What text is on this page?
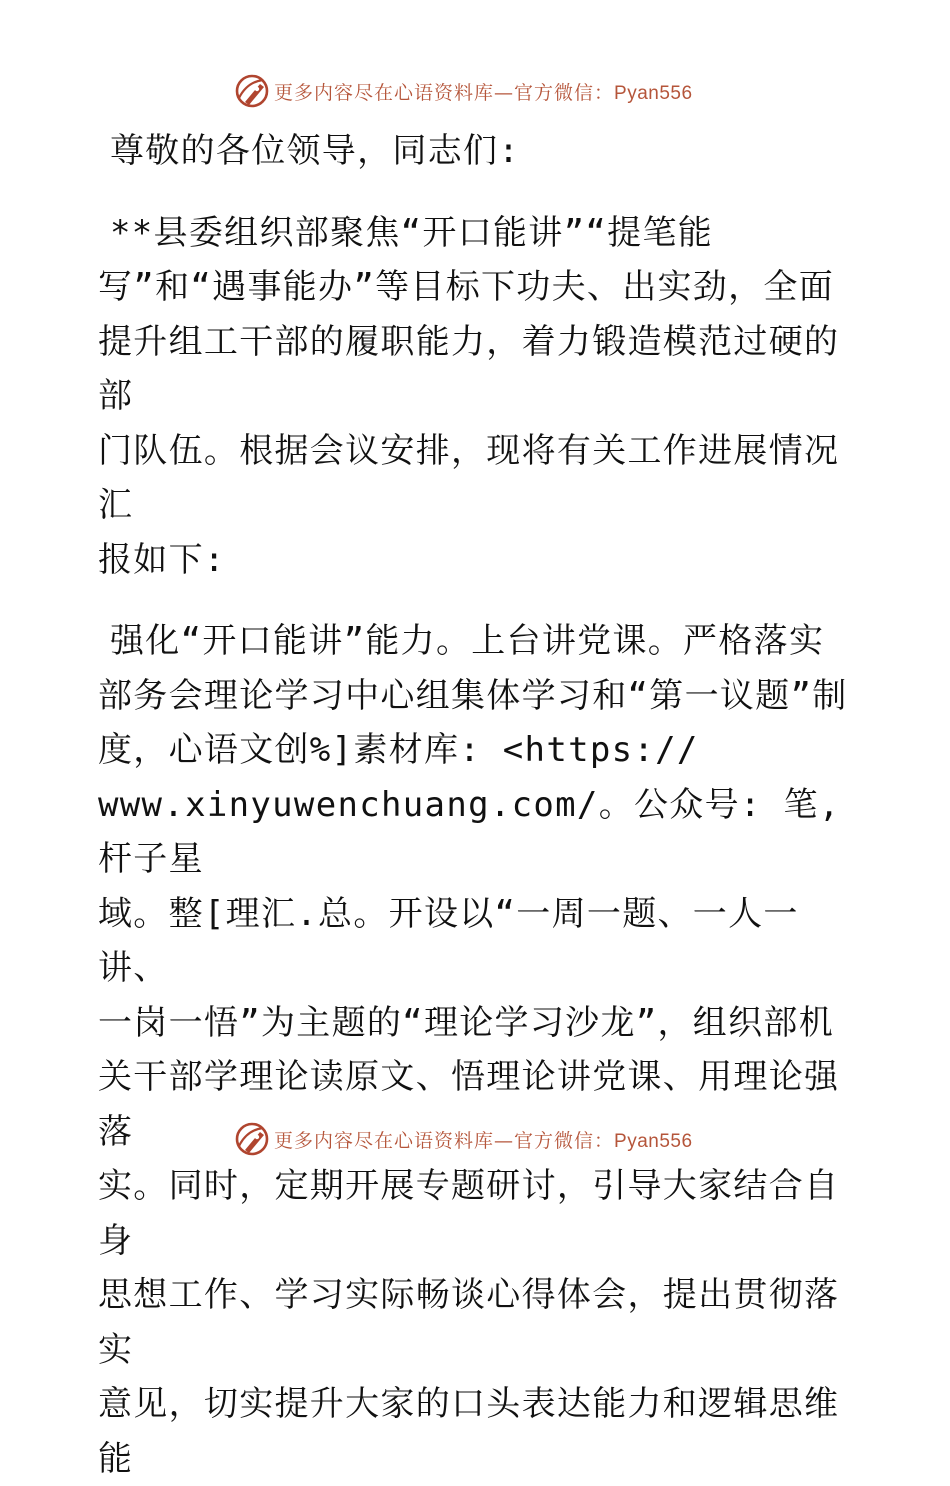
更多内容尽在心语资料库—官方微信：Pyan556

尊敬的各位领导，同志们:

**县委组织部聚焦“开口能讲”“提笔能
写”和“遇事能办”等目标下功夫、出实劲，全面
提升组工干部的履职能力，着力锻造模范过硬的部
门队伍。根据会议安排，现将有关工作进展情况汇
报如下:
强化“开口能讲”能力。上台讲党课。严格落实
部务会理论学习中心组集体学习和“第一议题”制
度，心语文创%]素材库: <https://
www.xinyuwenchuang.com/。公众号: 笔,杆子星
域。整[理汇.总。开设以“一周一题、一人一讲、
一岗一悟”为主题的“理论学习沙龙”，组织部机
关干部学理论读原文、悟理论讲党课、用理论强落
实。同时，定期开展专题研讨，引导大家结合自身
思想工作、学习实际畅谈心得体会，提出贯彻落实
意见，切实提升大家的口头表达能力和逻辑思维能
更多内容尽在心语资料库—官方微信：Pyan556
